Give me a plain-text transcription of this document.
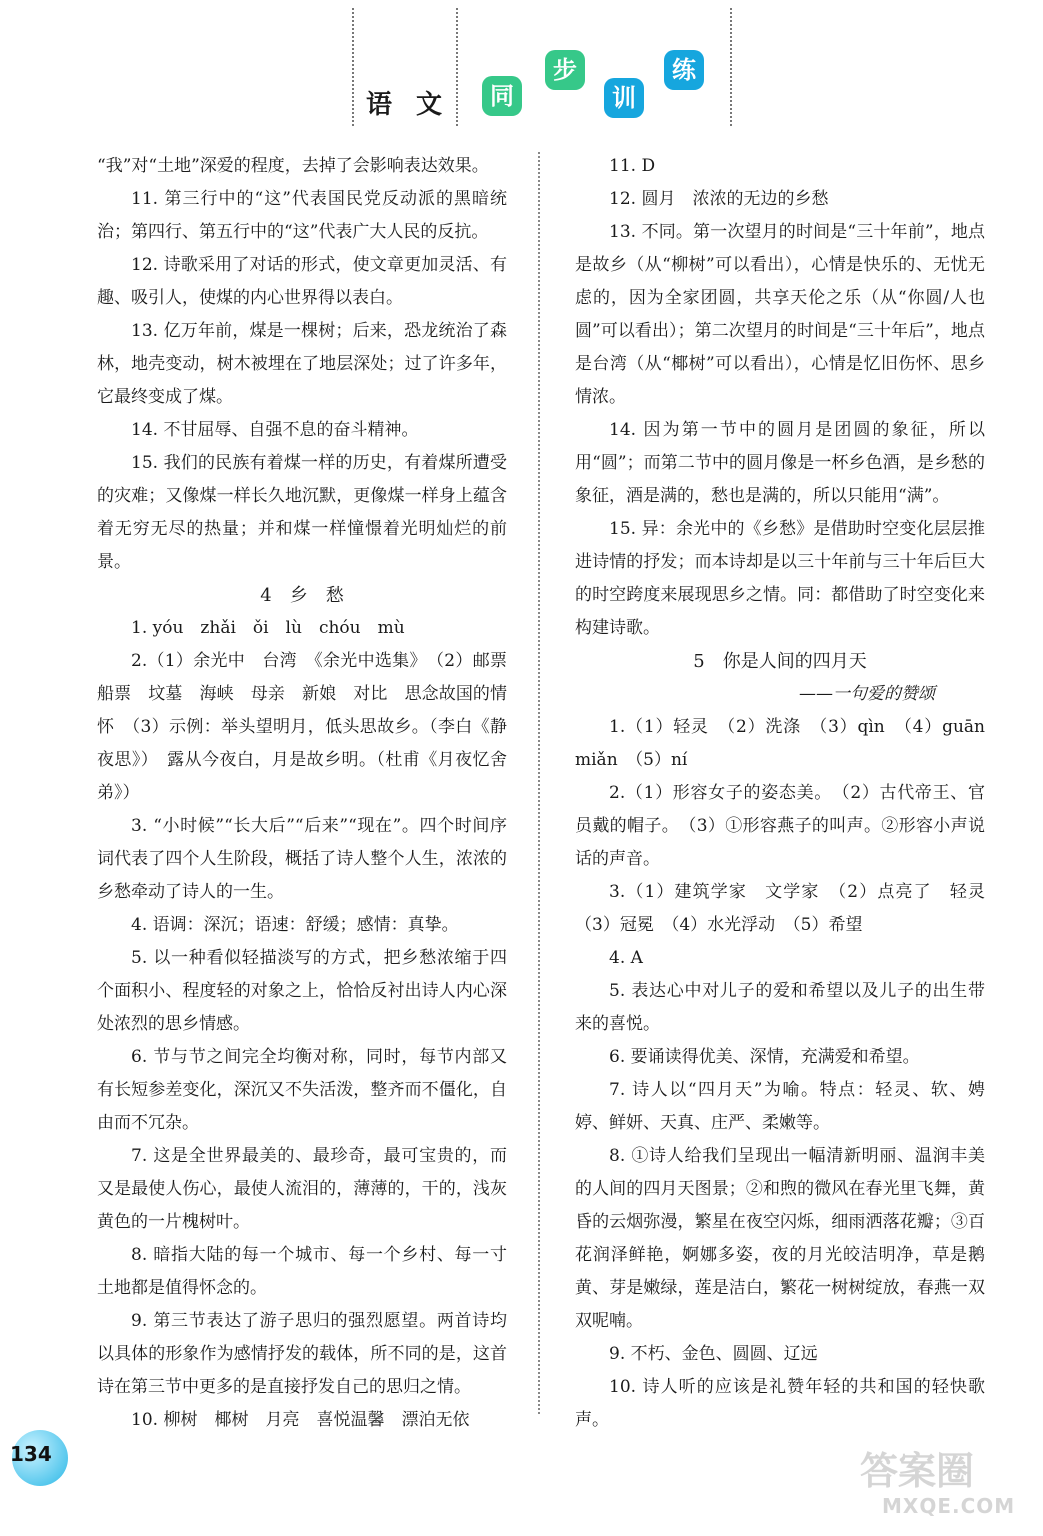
语 文	同
步
训
练

“我”对“土地”深爱的程度，去掉了会影响表达效果。

11. 第三行中的“这”代表国民党反动派的黑暗统治；第四行、第五行中的“这”代表广大人民的反抗。

12. 诗歌采用了对话的形式，使文章更加灵活、有趣、吸引人，使煤的内心世界得以表白。

13. 亿万年前，煤是一棵树；后来，恐龙统治了森林，地壳变动，树木被埋在了地层深处；过了许多年，它最终变成了煤。

14. 不甘屈辱、自强不息的奋斗精神。

15. 我们的民族有着煤一样的历史，有着煤所遭受的灾难；又像煤一样长久地沉默，更像煤一样身上蕴含着无穷无尽的热量；并和煤一样憧憬着光明灿烂的前景。

4　乡　愁

1. yóu　zhǎi　ǒi　lù　chóu　mù

2.（1）余光中　台湾　《余光中选集》　（2）邮票　船票　坟墓　海峡　母亲　新娘　对比　思念故国的情怀　（3）示例：举头望明月，低头思故乡。（李白《静夜思》）　露从今夜白，月是故乡明。（杜甫《月夜忆舍弟》）

3. “小时候”“长大后”“后来”“现在”。四个时间序词代表了四个人生阶段，概括了诗人整个人生，浓浓的乡愁牵动了诗人的一生。

4. 语调：深沉；语速：舒缓；感情：真挚。

5. 以一种看似轻描淡写的方式，把乡愁浓缩于四个面积小、程度轻的对象之上，恰恰反衬出诗人内心深处浓烈的思乡情感。

6. 节与节之间完全均衡对称，同时，每节内部又有长短参差变化，深沉又不失活泼，整齐而不僵化，自由而不冗杂。

7. 这是全世界最美的、最珍奇，最可宝贵的，而又是最使人伤心，最使人流泪的，薄薄的，干的，浅灰黄色的一片槐树叶。

8. 暗指大陆的每一个城市、每一个乡村、每一寸土地都是值得怀念的。

9. 第三节表达了游子思归的强烈愿望。两首诗均以具体的形象作为感情抒发的载体，所不同的是，这首诗在第三节中更多的是直接抒发自己的思归之情。

10. 柳树　椰树　月亮　喜悦温馨　漂泊无依

11. D

12. 圆月　浓浓的无边的乡愁

13. 不同。第一次望月的时间是“三十年前”，地点是故乡（从“柳树”可以看出），心情是快乐的、无忧无虑的，因为全家团圆，共享天伦之乐（从“你圆/人也圆”可以看出）；第二次望月的时间是“三十年后”，地点是台湾（从“椰树”可以看出），心情是忆旧伤怀、思乡情浓。

14. 因为第一节中的圆月是团圆的象征，所以用“圆”；而第二节中的圆月像是一杯乡色酒，是乡愁的象征，酒是满的，愁也是满的，所以只能用“满”。

15. 异：余光中的《乡愁》是借助时空变化层层推进诗情的抒发；而本诗却是以三十年前与三十年后巨大的时空跨度来展现思乡之情。同：都借助了时空变化来构建诗歌。

5　你是人间的四月天

——一句爱的赞颂

1.（1）轻灵　（2）洗涤　（3）qìn　（4）guān miǎn　（5）ní

2.（1）形容女子的姿态美。　（2）古代帝王、官员戴的帽子。　（3）①形容燕子的叫声。②形容小声说话的声音。

3.（1）建筑学家　文学家　（2）点亮了　轻灵（3）冠冕　（4）水光浮动　（5）希望

4. A

5. 表达心中对儿子的爱和希望以及儿子的出生带来的喜悦。

6. 要诵读得优美、深情，充满爱和希望。

7. 诗人以“四月天”为喻。特点：轻灵、软、娉婷、鲜妍、天真、庄严、柔嫩等。

8. ①诗人给我们呈现出一幅清新明丽、温润丰美的人间的四月天图景；②和煦的微风在春光里飞舞，黄昏的云烟弥漫，繁星在夜空闪烁，细雨洒落花瓣；③百花润泽鲜艳，婀娜多姿，夜的月光皎洁明净，草是鹅黄、芽是嫩绿，莲是洁白，繁花一树树绽放，春燕一双双呢喃。

9. 不朽、金色、圆圆、辽远

10. 诗人听的应该是礼赞年轻的共和国的轻快歌声。

134	答案圈
MXQE.COM
